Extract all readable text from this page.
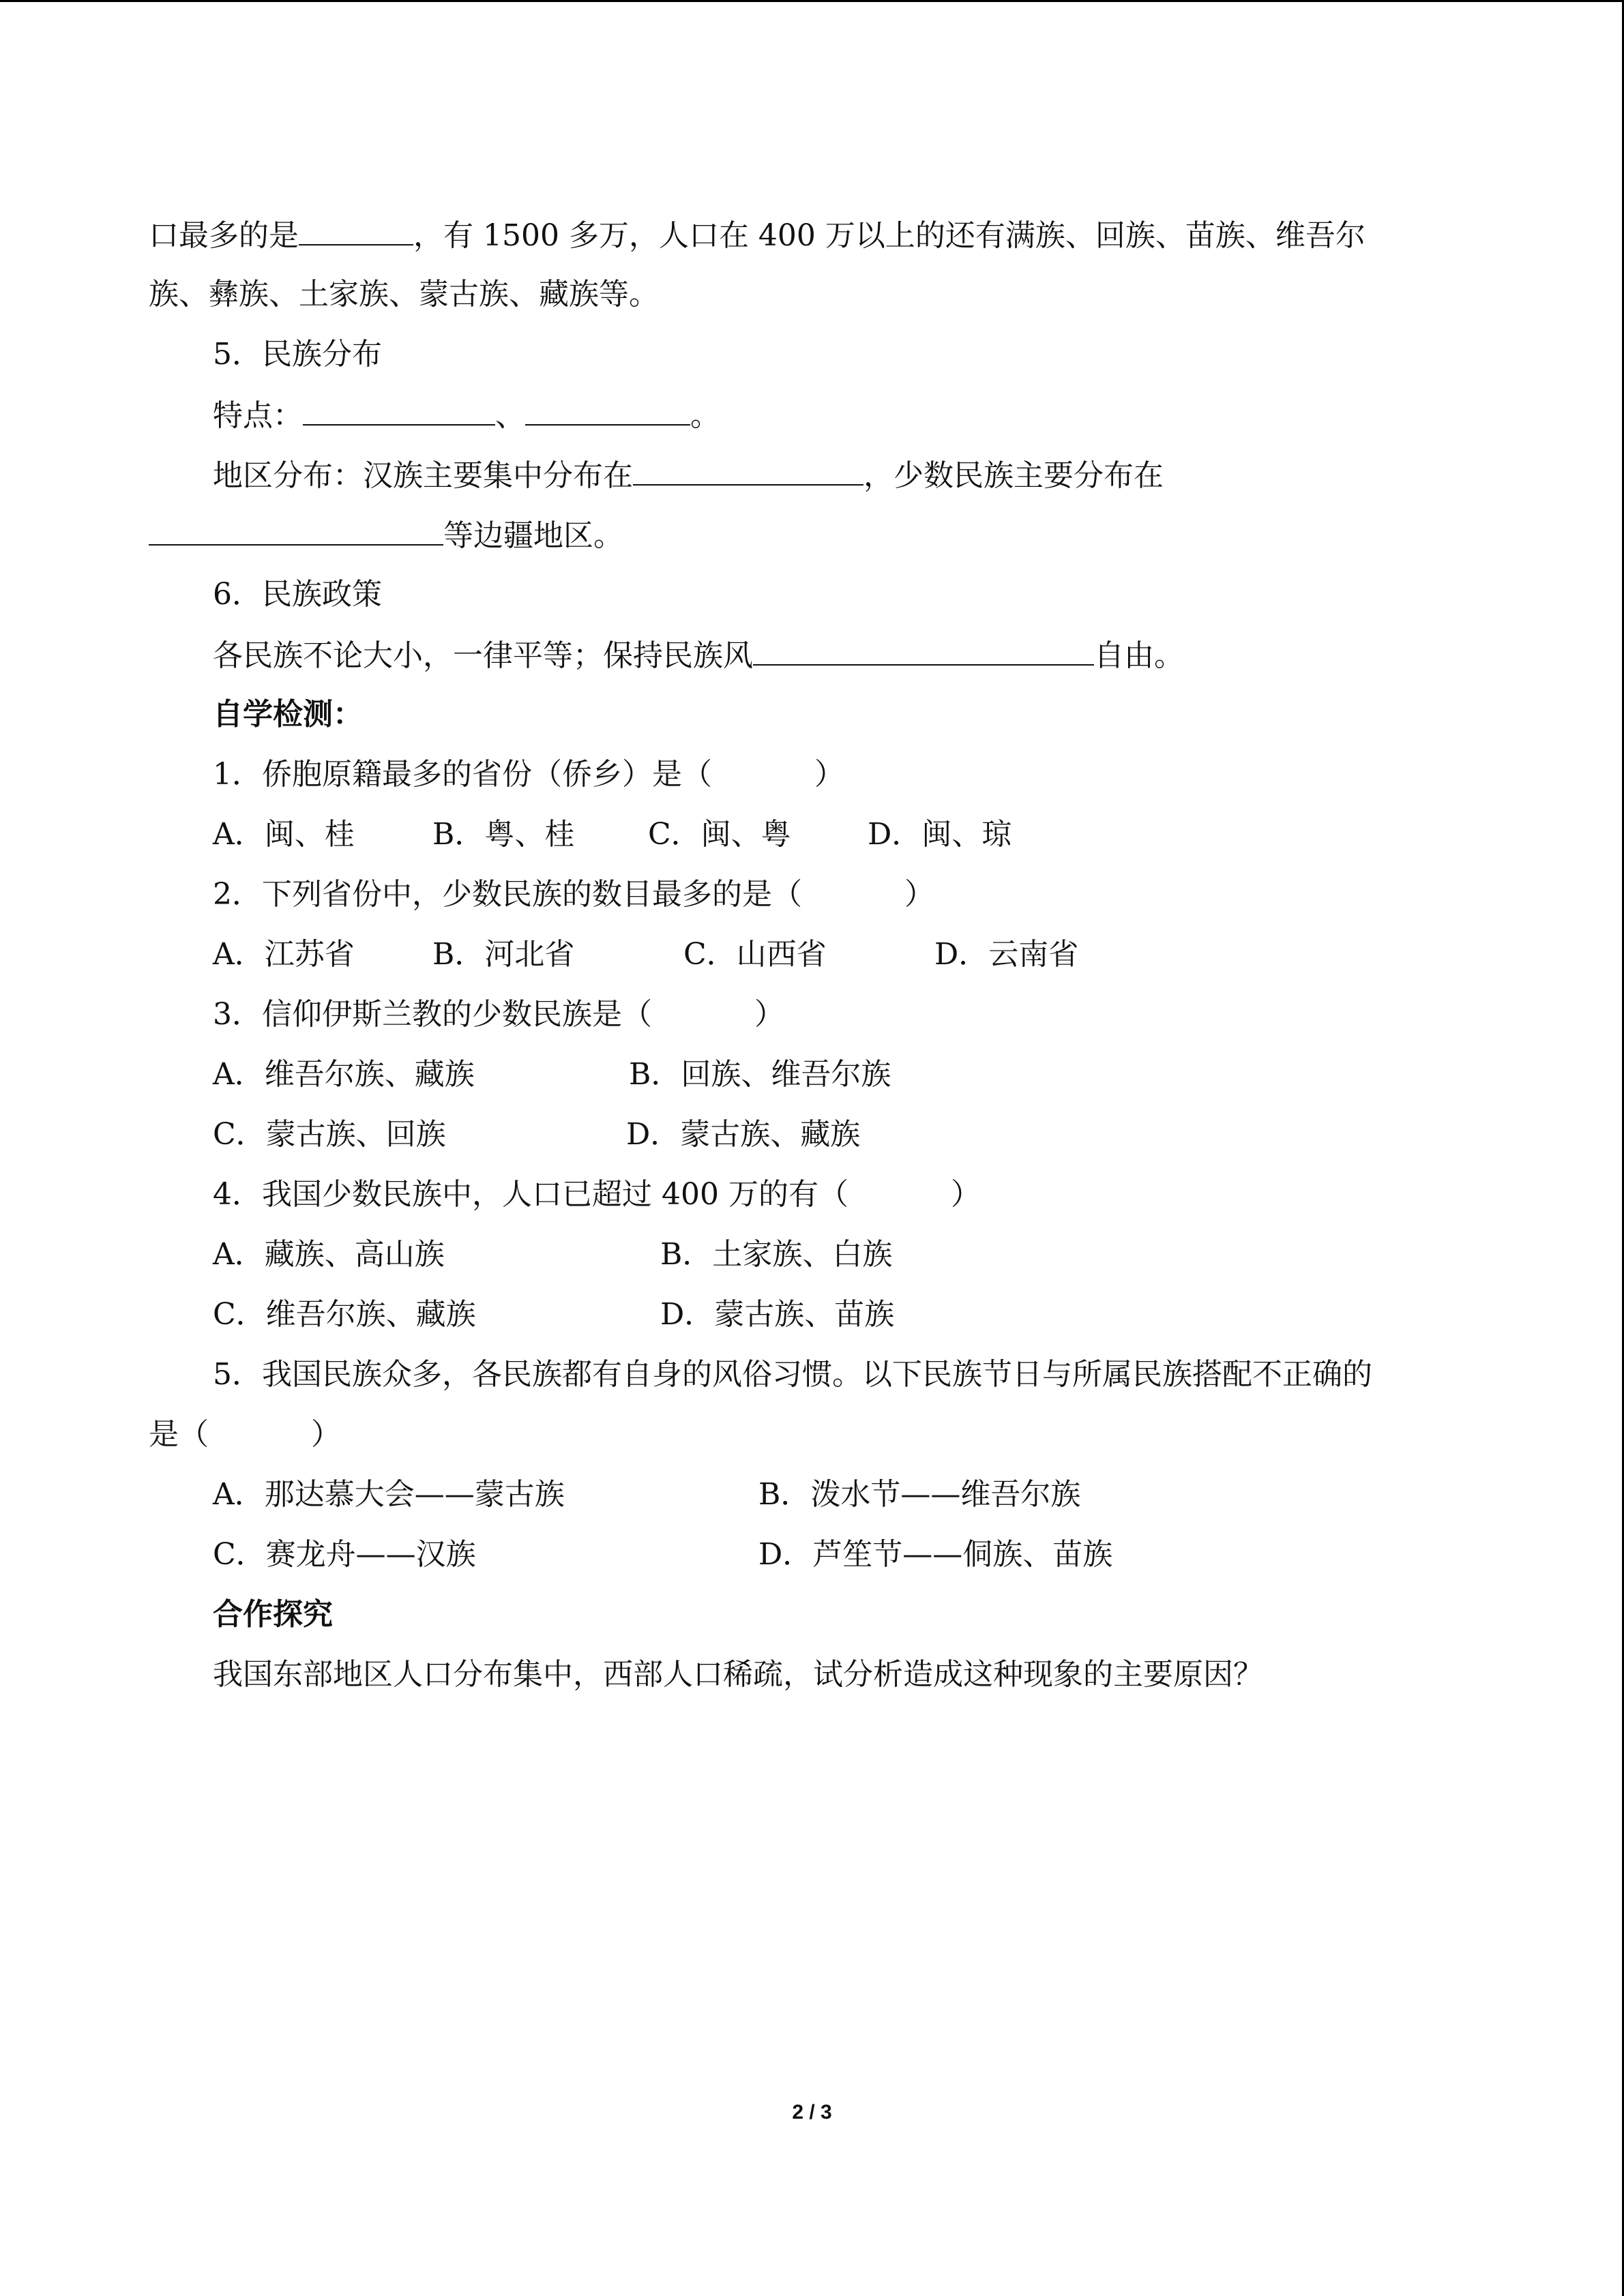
口最多的是	，有 1500 多万，人口在 400 万以上的还有满族、回族、苗族、维吾尔
族、彝族、土家族、蒙古族、藏族等。
5．民族分布
特点：	、	。
地区分布：汉族主要集中分布在	，少数民族主要分布在
等边疆地区。
6．民族政策
各民族不论大小，一律平等；保持民族风	自由。
自学检测：
1．侨胞原籍最多的省份（侨乡）是（	）
A．闽、桂	B．粤、桂 C．闽、粤	D．闽、琼
2．下列省份中，少数民族的数目最多的是（	）
A．江苏省	B．河北省	C．山西省	D．云南省
3．信仰伊斯兰教的少数民族是（	）
A．维吾尔族、藏族	B．回族、维吾尔族
C．蒙古族、回族	D．蒙古族、藏族
4．我国少数民族中，人口已超过 400 万的有（	）
A．藏族、高山族	B．土家族、白族
C．维吾尔族、藏族	D．蒙古族、苗族
5．我国民族众多，各民族都有自身的风俗习惯。以下民族节日与所属民族搭配不正确的
是（	）
A．那达慕大会——蒙古族	B．泼水节——维吾尔族
C．赛龙舟——汉族	D．芦笙节——侗族、苗族
合作探究
我国东部地区人口分布集中，西部人口稀疏，试分析造成这种现象的主要原因？
2 / 3
